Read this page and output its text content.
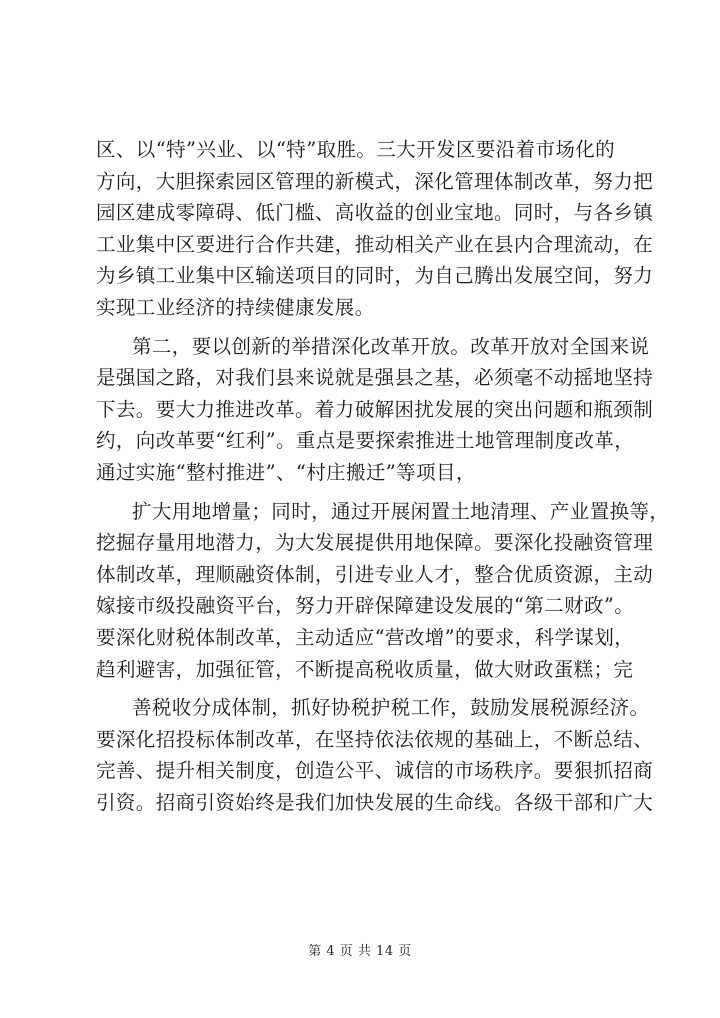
区、以“特”兴业、以“特”取胜。三大开发区要沿着市场化的
方向，大胆探索园区管理的新模式，深化管理体制改革，努力把
园区建成零障碍、低门槛、高收益的创业宝地。同时，与各乡镇
工业集中区要进行合作共建，推动相关产业在县内合理流动，在
为乡镇工业集中区输送项目的同时，为自己腾出发展空间，努力
实现工业经济的持续健康发展。
第二，要以创新的举措深化改革开放。改革开放对全国来说
是强国之路，对我们县来说就是强县之基，必须毫不动摇地坚持
下去。要大力推进改革。着力破解困扰发展的突出问题和瓶颈制
约，向改革要“红利”。重点是要探索推进土地管理制度改革，
通过实施“整村推进”、“村庄搬迁”等项目，
扩大用地增量；同时，通过开展闲置土地清理、产业置换等，
挖掘存量用地潜力，为大发展提供用地保障。要深化投融资管理
体制改革，理顺融资体制，引进专业人才，整合优质资源，主动
嫁接市级投融资平台，努力开辟保障建设发展的“第二财政”。
要深化财税体制改革，主动适应“营改增”的要求，科学谋划，
趋利避害，加强征管，不断提高税收质量，做大财政蛋糕；完
善税收分成体制，抓好协税护税工作，鼓励发展税源经济。
要深化招投标体制改革，在坚持依法依规的基础上，不断总结、
完善、提升相关制度，创造公平、诚信的市场秩序。要狠抓招商
引资。招商引资始终是我们加快发展的生命线。各级干部和广大
第 4 页 共 14 页
